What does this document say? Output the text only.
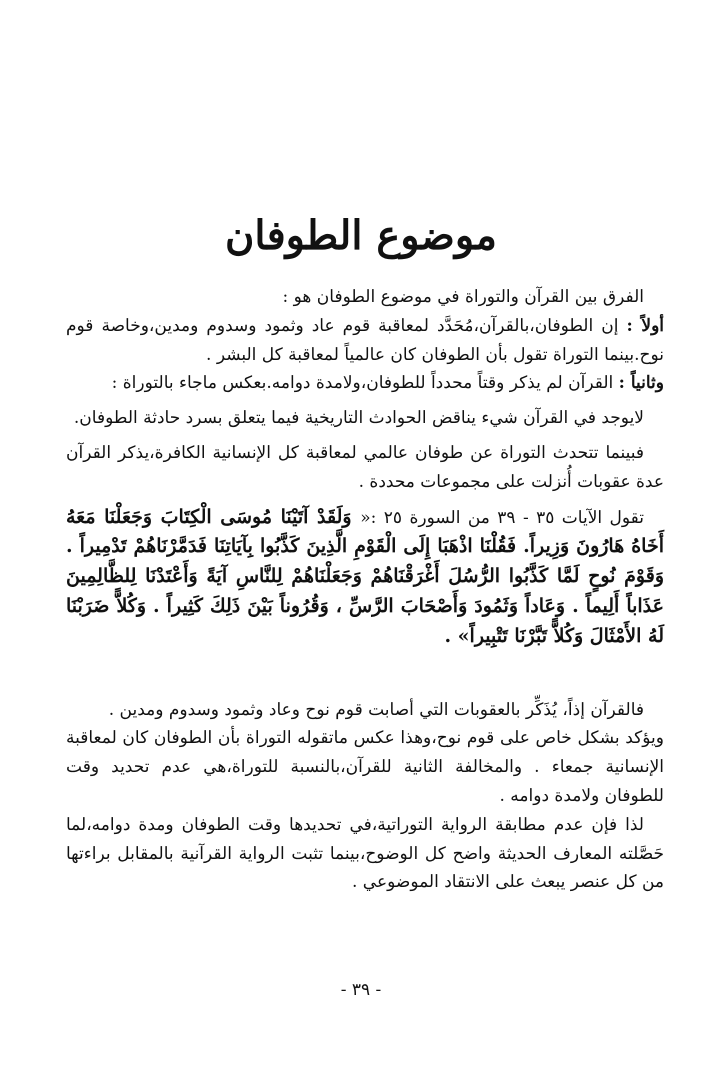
موضوع الطوفان

الفرق بين القرآن والتوراة في موضوع الطوفان هو :

أولاً : إن الطوفان،بالقرآن،مُحَدَّد لمعاقبة قوم عاد وثمود وسدوم ومدين،وخاصة قوم نوح.بينما التوراة تقول بأن الطوفان كان عالمياً لمعاقبة كل البشر .

وثانياً : القرآن لم يذكر وقتاً محدداً للطوفان،ولامدة دوامه.بعكس ماجاء بالتوراة :

لايوجد في القرآن شيء يناقض الحوادث التاريخية فيما يتعلق بسرد حادثة الطوفان.

فبينما تتحدث التوراة عن طوفان عالمي لمعاقبة كل الإنسانية الكافرة،يذكر القرآن عدة عقوبات أُنزلت على مجموعات محددة .

تقول الآيات ٣٥ - ٣٩ من السورة ٢٥ :« وَلَقَدْ آتَيْنَا مُوسَى الْكِتَابَ وَجَعَلْنَا مَعَهُ أَخَاهُ هَارُونَ وَزِيراً. فَقُلْنَا اذْهَبَا إِلَى الْقَوْمِ الَّذِينَ كَذَّبُوا بِآيَاتِنَا فَدَمَّرْنَاهُمْ تَدْمِيراً . وَقَوْمَ نُوحٍ لَمَّا كَذَّبُوا الرُّسُلَ أَغْرَقْنَاهُمْ وَجَعَلْنَاهُمْ لِلنَّاسِ آيَةً وَأَعْتَدْنَا لِلظَّالِمِينَ عَذَاباً أَلِيماً . وَعَاداً وَثَمُودَ وَأَصْحَابَ الرَّسِّ ، وَقُرُوناً بَيْنَ ذَلِكَ كَثِيراً . وَكُلاًّ ضَرَبْنَا لَهُ الأَمْثَالَ وَكُلاًّ تَبَّرْنَا تَتْبِيراً» .

فالقرآن إذاً، يُذَكِّر بالعقوبات التي أصابت قوم نوح وعاد وثمود وسدوم ومدين .

ويؤكد بشكل خاص على قوم نوح،وهذا عكس ماتقوله التوراة بأن الطوفان كان لمعاقبة الإنسانية جمعاء . والمخالفة الثانية للقرآن،بالنسبة للتوراة،هي عدم تحديد وقت للطوفان ولامدة دوامه .

لذا فإن عدم مطابقة الرواية التوراتية،في تحديدها وقت الطوفان ومدة دوامه،لما حَصَّلته المعارف الحديثة واضح كل الوضوح،بينما تثبت الرواية القرآنية بالمقابل براءتها من كل عنصر يبعث على الانتقاد الموضوعي .

- ٣٩ -
